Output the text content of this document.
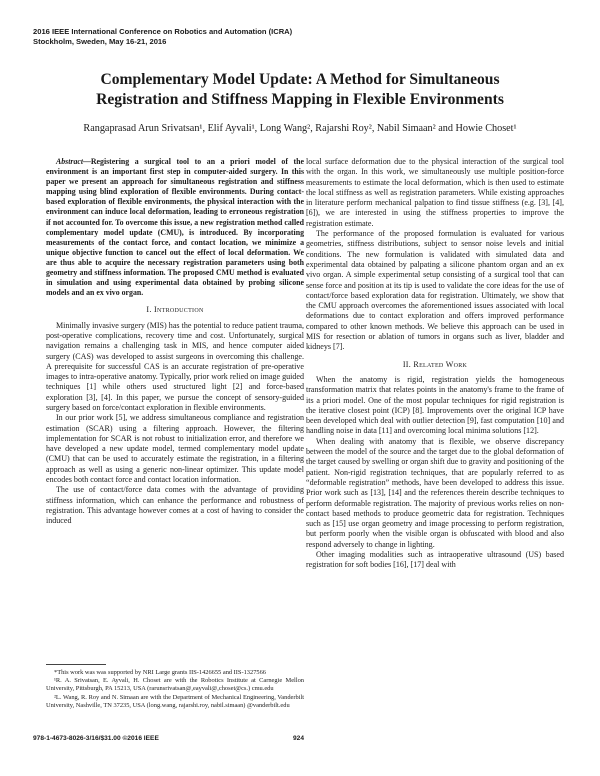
2016 IEEE International Conference on Robotics and Automation (ICRA)
Stockholm, Sweden, May 16-21, 2016
Complementary Model Update: A Method for Simultaneous
Registration and Stiffness Mapping in Flexible Environments
Rangaprasad Arun Srivatsan¹, Elif Ayvali¹, Long Wang², Rajarshi Roy², Nabil Simaan² and Howie Choset¹

Abstract—Registering a surgical tool to an a priori model of the environment is an important first step in computer-aided surgery. In this paper we present an approach for simultaneous registration and stiffness mapping using blind exploration of flexible environments. During contact-based exploration of flexible environments, the physical interaction with the environment can induce local deformation, leading to erroneous registration if not accounted for. To overcome this issue, a new registration method called complementary model update (CMU), is introduced. By incorporating measurements of the contact force, and contact location, we minimize a unique objective function to cancel out the effect of local deformation. We are thus able to acquire the necessary registration parameters using both geometry and stiffness information. The proposed CMU method is evaluated in simulation and using experimental data obtained by probing silicone models and an ex vivo organ.

I. Introduction

Minimally invasive surgery (MIS) has the potential to reduce patient trauma, post-operative complications, recovery time and cost. Unfortunately, surgical navigation remains a challenging task in MIS, and hence computer aided surgery (CAS) was developed to assist surgeons in overcoming this challenge. A prerequisite for successful CAS is an accurate registration of pre-operative images to intra-operative anatomy. Typically, prior work relied on image guided techniques [1] while others used structured light [2] and force-based exploration [3], [4]. In this paper, we pursue the concept of sensory-guided surgery based on force/contact exploration in flexible environments.

In our prior work [5], we address simultaneous compliance and registration estimation (SCAR) using a filtering approach. However, the filtering implementation for SCAR is not robust to initialization error, and therefore we have developed a new update model, termed complementary model update (CMU) that can be used to accurately estimate the registration, in a filtering approach as well as using a generic non-linear optimizer. This update model encodes both contact force and contact location information.

The use of contact/force data comes with the advantage of providing stiffness information, which can enhance the performance and robustness of registration. This advantage however comes at a cost of having to consider the induced

local surface deformation due to the physical interaction of the surgical tool with the organ. In this work, we simultaneously use multiple position-force measurements to estimate the local deformation, which is then used to estimate the local stiffness as well as registration parameters. While existing approaches in literature perform mechanical palpation to find tissue stiffness (e.g. [3], [4], [6]), we are interested in using the stiffness properties to improve the registration estimate.

The performance of the proposed formulation is evaluated for various geometries, stiffness distributions, subject to sensor noise levels and initial conditions. The new formulation is validated with simulated data and experimental data obtained by palpating a silicone phantom organ and an ex vivo organ. A simple experimental setup consisting of a surgical tool that can sense force and position at its tip is used to validate the core ideas for the use of contact/force based exploration data for registration. Ultimately, we show that the CMU approach overcomes the aforementioned issues associated with local deformations due to contact exploration and offers improved performance compared to other known methods. We believe this approach can be used in MIS for resection or ablation of tumors in organs such as liver, bladder and kidneys [7].

II. Related Work

When the anatomy is rigid, registration yields the homogeneous transformation matrix that relates points in the anatomy's frame to the frame of its a priori model. One of the most popular techniques for rigid registration is the iterative closest point (ICP) [8]. Improvements over the original ICP have been developed which deal with outlier detection [9], fast computation [10] and handling noise in data [11] and overcoming local minima solutions [12].

When dealing with anatomy that is flexible, we observe discrepancy between the model of the source and the target due to the global deformation of the target caused by swelling or organ shift due to gravity and positioning of the patient. Non-rigid registration techniques, that are popularly referred to as “deformable registration” methods, have been developed to address this issue. Prior work such as [13], [14] and the references therein describe techniques to perform deformable registration. The majority of previous works relies on non-contact based methods to produce geometric data for registration. Techniques such as [15] use organ geometry and image processing to perform registration, but perform poorly when the visible organ is obfuscated with blood and also respond adversely to change in lighting.

Other imaging modalities such as intraoperative ultrasound (US) based registration for soft bodies [16], [17] deal with

*This work was was supported by NRI Large grants IIS-1426655 and IIS-1327566

¹R. A. Srivatsan, E. Ayvali, H. Choset are with the Robotics Institute at Carnegie Mellon University, Pittsburgh, PA 15213, USA (rarunsrivatsan@,eayvali@,choset@cs.) cmu.edu

²L. Wang, R. Roy and N. Simaan are with the Department of Mechanical Engineering, Vanderbilt University, Nashville, TN 37235, USA (long.wang, rajarshi.roy, nabil.simaan) @vanderbilt.edu

978-1-4673-8026-3/16/$31.00 ©2016 IEEE	924
